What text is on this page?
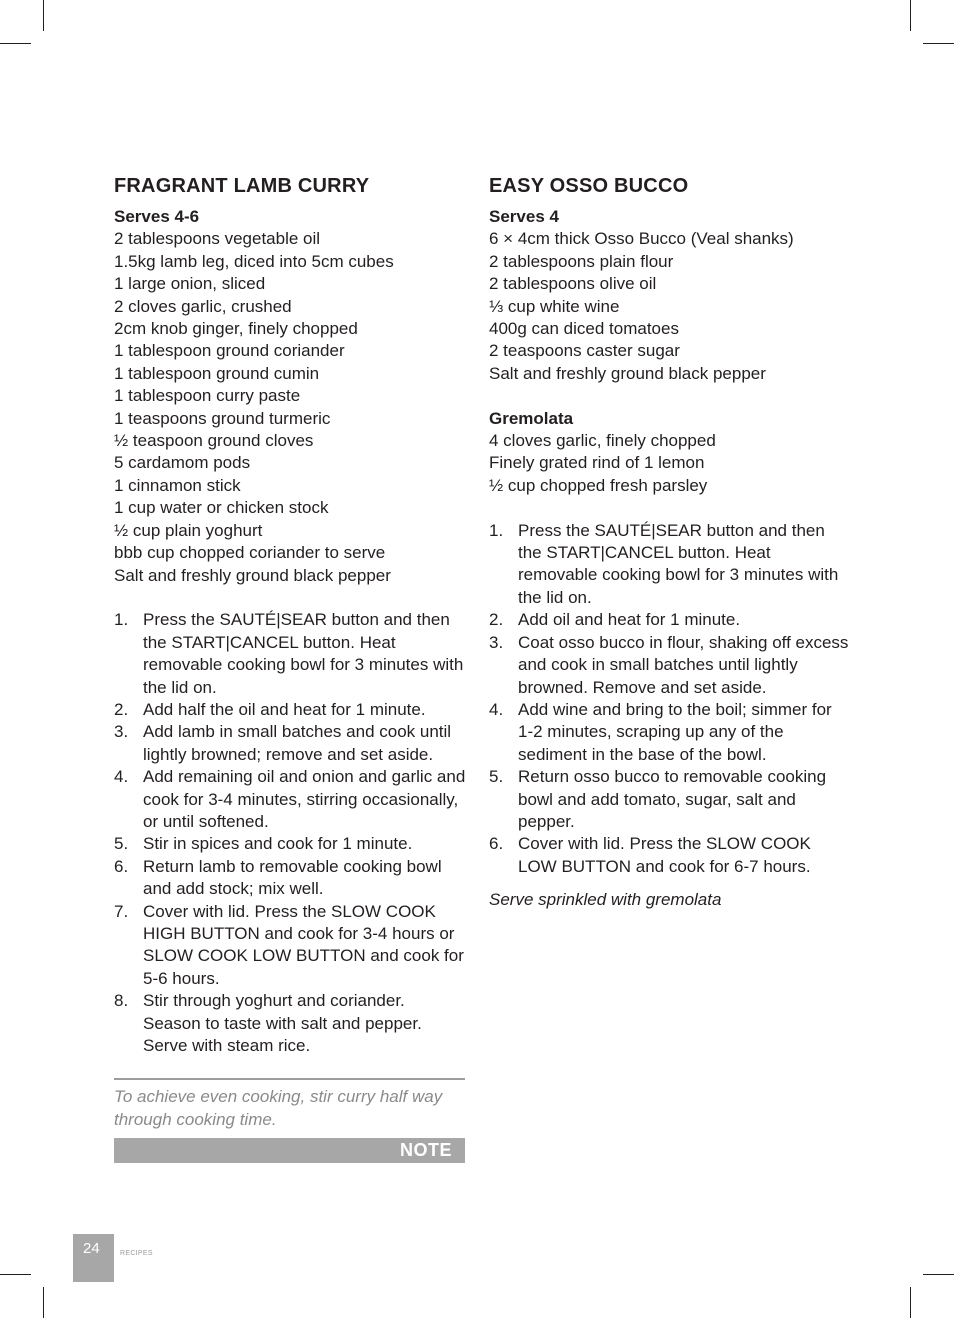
FRAGRANT LAMB CURRY
Serves 4-6
2 tablespoons vegetable oil
1.5kg lamb leg, diced into 5cm cubes
1 large onion, sliced
2 cloves garlic, crushed
2cm knob ginger, finely chopped
1 tablespoon ground coriander
1 tablespoon ground cumin
1 tablespoon curry paste
1 teaspoons ground turmeric
½ teaspoon ground cloves
5 cardamom pods
1 cinnamon stick
1 cup water or chicken stock
½ cup plain yoghurt
bbb cup chopped coriander to serve
Salt and freshly ground black pepper
1. Press the SAUTÉ|SEAR button and then the START|CANCEL button. Heat removable cooking bowl for 3 minutes with the lid on.
2. Add half the oil and heat for 1 minute.
3. Add lamb in small batches and cook until lightly browned; remove and set aside.
4. Add remaining oil and onion and garlic and cook for 3-4 minutes, stirring occasionally, or until softened.
5. Stir in spices and cook for 1 minute.
6. Return lamb to removable cooking bowl and add stock; mix well.
7. Cover with lid. Press the SLOW COOK HIGH BUTTON and cook for 3-4 hours or SLOW COOK LOW BUTTON and cook for 5-6 hours.
8. Stir through yoghurt and coriander. Season to taste with salt and pepper. Serve with steam rice.
EASY OSSO BUCCO
Serves 4
6 × 4cm thick Osso Bucco (Veal shanks)
2 tablespoons plain flour
2 tablespoons olive oil
⅓ cup white wine
400g can diced tomatoes
2 teaspoons caster sugar
Salt and freshly ground black pepper
Gremolata
4 cloves garlic, finely chopped
Finely grated rind of 1 lemon
½ cup chopped fresh parsley
1. Press the SAUTÉ|SEAR button and then the START|CANCEL button. Heat removable cooking bowl for 3 minutes with the lid on.
2. Add oil and heat for 1 minute.
3. Coat osso bucco in flour, shaking off excess and cook in small batches until lightly browned. Remove and set aside.
4. Add wine and bring to the boil; simmer for 1-2 minutes, scraping up any of the sediment in the base of the bowl.
5. Return osso bucco to removable cooking bowl and add tomato, sugar, salt and pepper.
6. Cover with lid. Press the SLOW COOK LOW BUTTON and cook for 6-7 hours.
Serve sprinkled with gremolata
To achieve even cooking, stir curry half way through cooking time.
NOTE
24	RECIPES
